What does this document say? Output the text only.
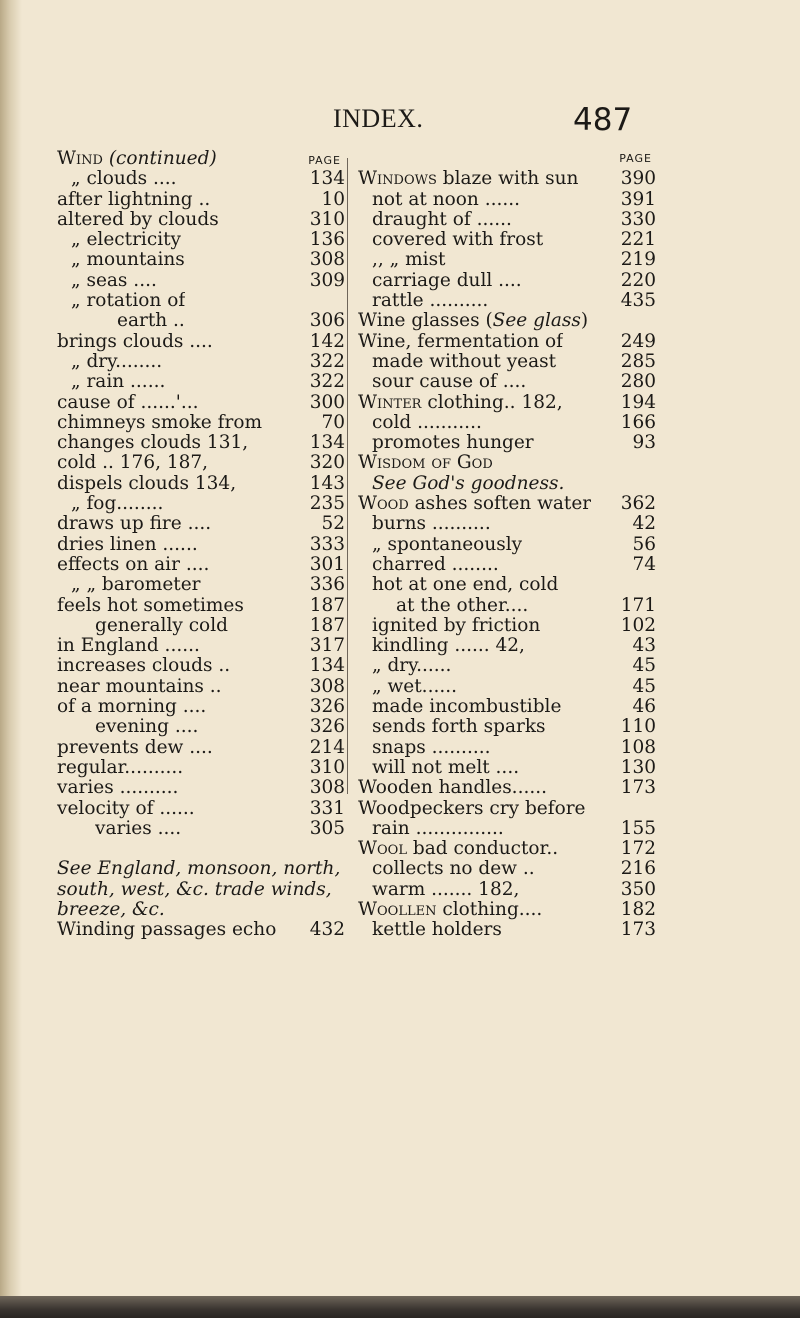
INDEX.	487
Wind (continued)	PAGE
„ clouds ....	134
after lightning ..	10
altered by clouds	310
„ electricity	136
„ mountains	308
„ seas ....	309
„ rotation of
earth ..	306
brings clouds ....	142
„ dry........	322
„ rain ......	322
cause of ......'...	300
chimneys smoke from	70
changes clouds 131,	134
cold .. 176, 187,	320
dispels clouds 134,	143
„ fog........	235
draws up fire ....	52
dries linen ......	333
effects on air ....	301
„ „ barometer	336
feels hot sometimes	187
generally cold	187
in England ......	317
increases clouds ..	134
near mountains ..	308
of a morning ....	326
evening ....	326
prevents dew ....	214
regular..........	310
varies ..........	308
velocity of ......	331
varies ....	305
See England, monsoon, north,
south, west, &c. trade winds,
breeze, &c.
Winding passages echo 432
PAGE
Windows blaze with sun 390
not at noon ......	391
draught of ......	330
covered with frost	221
,, „ mist	219
carriage dull ....	220
rattle ..........	435
Wine glasses (See glass)
Wine, fermentation of	249
made without yeast	285
sour cause of ....	280
Winter clothing.. 182,	194
cold ...........	166
promotes hunger	93
Wisdom of God
See God's goodness.
Wood ashes soften water 362
burns ..........	42
„ spontaneously	56
charred ........	74
hot at one end, cold
at the other....	171
ignited by friction	102
kindling ...... 42,	43
„ dry......	45
„ wet......	45
made incombustible	46
sends forth sparks	110
snaps ..........	108
will not melt ....	130
Wooden handles......	173
Woodpeckers cry before
rain ...............	155
Wool bad conductor..	172
collects no dew ..	216
warm ....... 182,	350
Woollen clothing....	182
kettle holders	173
